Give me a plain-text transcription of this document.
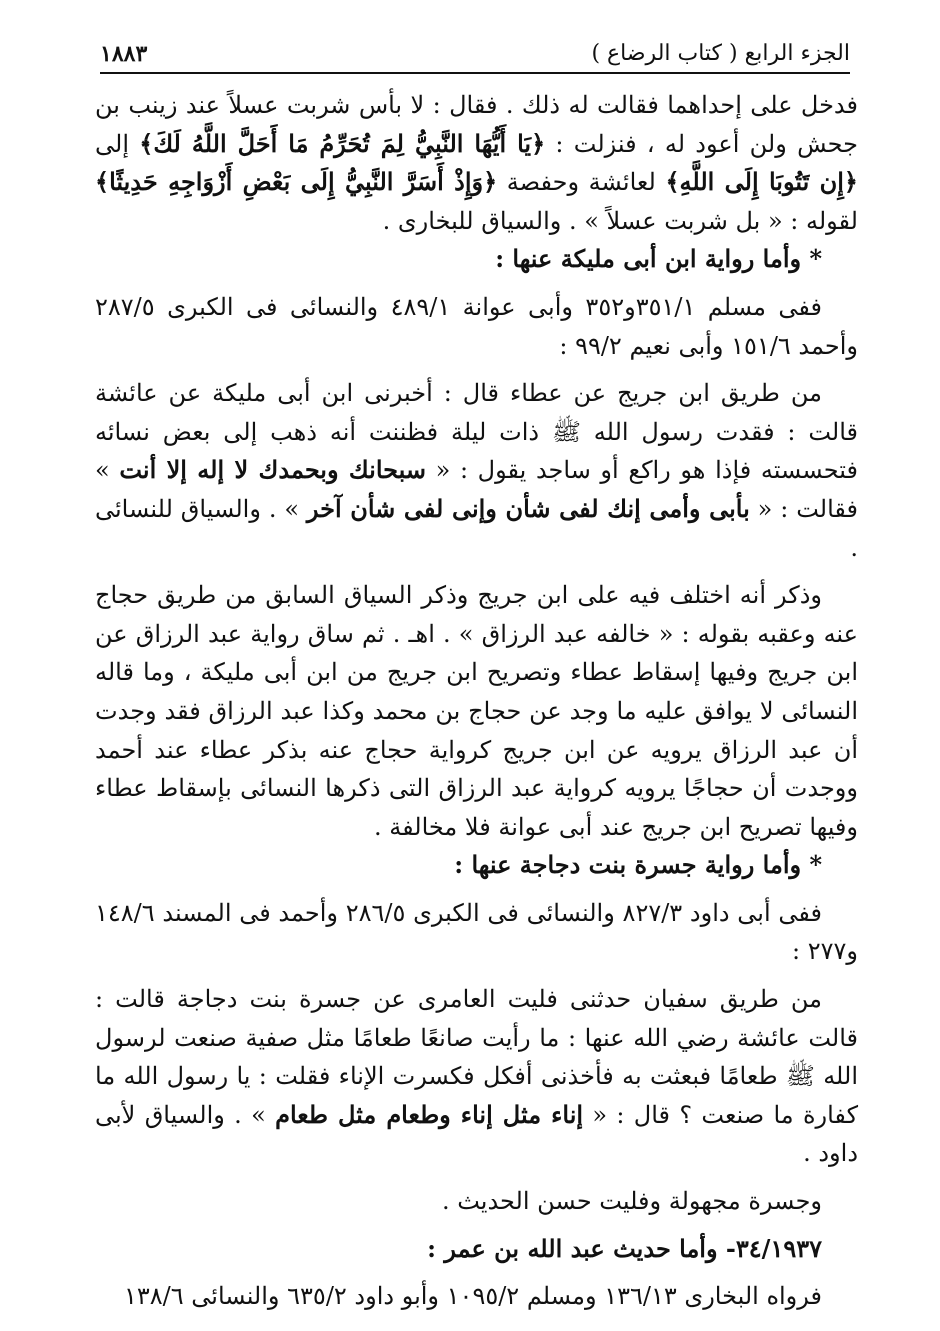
الجزء الرابع ( كتاب الرضاع )
١٨٨٣

فدخل على إحداهما فقالت له ذلك . فقال : لا بأس شربت عسلاً عند زينب بن جحش ولن أعود له ، فنزلت : ﴿يَا أَيُّهَا النَّبِيُّ لِمَ تُحَرِّمُ مَا أَحَلَّ اللَّهُ لَكَ﴾ إلى ﴿إِن تَتُوبَا إِلَى اللَّهِ﴾ لعائشة وحفصة ﴿وَإِذْ أَسَرَّ النَّبِيُّ إِلَى بَعْضِ أَزْوَاجِهِ حَدِيثًا﴾ لقوله : « بل شربت عسلاً » . والسياق للبخارى .

* وأما رواية ابن أبى مليكة عنها :

ففى مسلم ٣٥١/١و٣٥٢ وأبى عوانة ٤٨٩/١ والنسائى فى الكبرى ٢٨٧/٥ وأحمد ١٥١/٦ وأبى نعيم ٩٩/٢ :

من طريق ابن جريج عن عطاء قال : أخبرنى ابن أبى مليكة عن عائشة قالت : فقدت رسول الله ﷺ ذات ليلة فظننت أنه ذهب إلى بعض نسائه فتحسسته فإذا هو راكع أو ساجد يقول : « سبحانك وبحمدك لا إله إلا أنت » فقالت : « بأبى وأمى إنك لفى شأن وإنى لفى شأن آخر » . والسياق للنسائى .

وذكر أنه اختلف فيه على ابن جريج وذكر السياق السابق من طريق حجاج عنه وعقبه بقوله : « خالفه عبد الرزاق » . اهـ . ثم ساق رواية عبد الرزاق عن ابن جريج وفيها إسقاط عطاء وتصريح ابن جريج من ابن أبى مليكة ، وما قاله النسائى لا يوافق عليه ما وجد عن حجاج بن محمد وكذا عبد الرزاق فقد وجدت أن عبد الرزاق يرويه عن ابن جريج كرواية حجاج عنه بذكر عطاء عند أحمد ووجدت أن حجاجًا يرويه كرواية عبد الرزاق التى ذكرها النسائى بإسقاط عطاء وفيها تصريح ابن جريج عند أبى عوانة فلا مخالفة .

* وأما رواية جسرة بنت دجاجة عنها :

ففى أبى داود ٨٢٧/٣ والنسائى فى الكبرى ٢٨٦/٥ وأحمد فى المسند ١٤٨/٦ و٢٧٧ :

من طريق سفيان حدثنى فليت العامرى عن جسرة بنت دجاجة قالت : قالت عائشة رضي الله عنها : ما رأيت صانعًا طعامًا مثل صفية صنعت لرسول الله ﷺ طعامًا فبعثت به فأخذنى أفكل فكسرت الإناء فقلت : يا رسول الله ما كفارة ما صنعت ؟ قال : « إناء مثل إناء وطعام مثل طعام » . والسياق لأبى داود .

وجسرة مجهولة وفليت حسن الحديث .

٣٤/١٩٣٧- وأما حديث عبد الله بن عمر :

فرواه البخارى ١٣٦/١٣ ومسلم ١٠٩٥/٢ وأبو داود ٦٣٥/٢ والنسائى ١٣٨/٦
